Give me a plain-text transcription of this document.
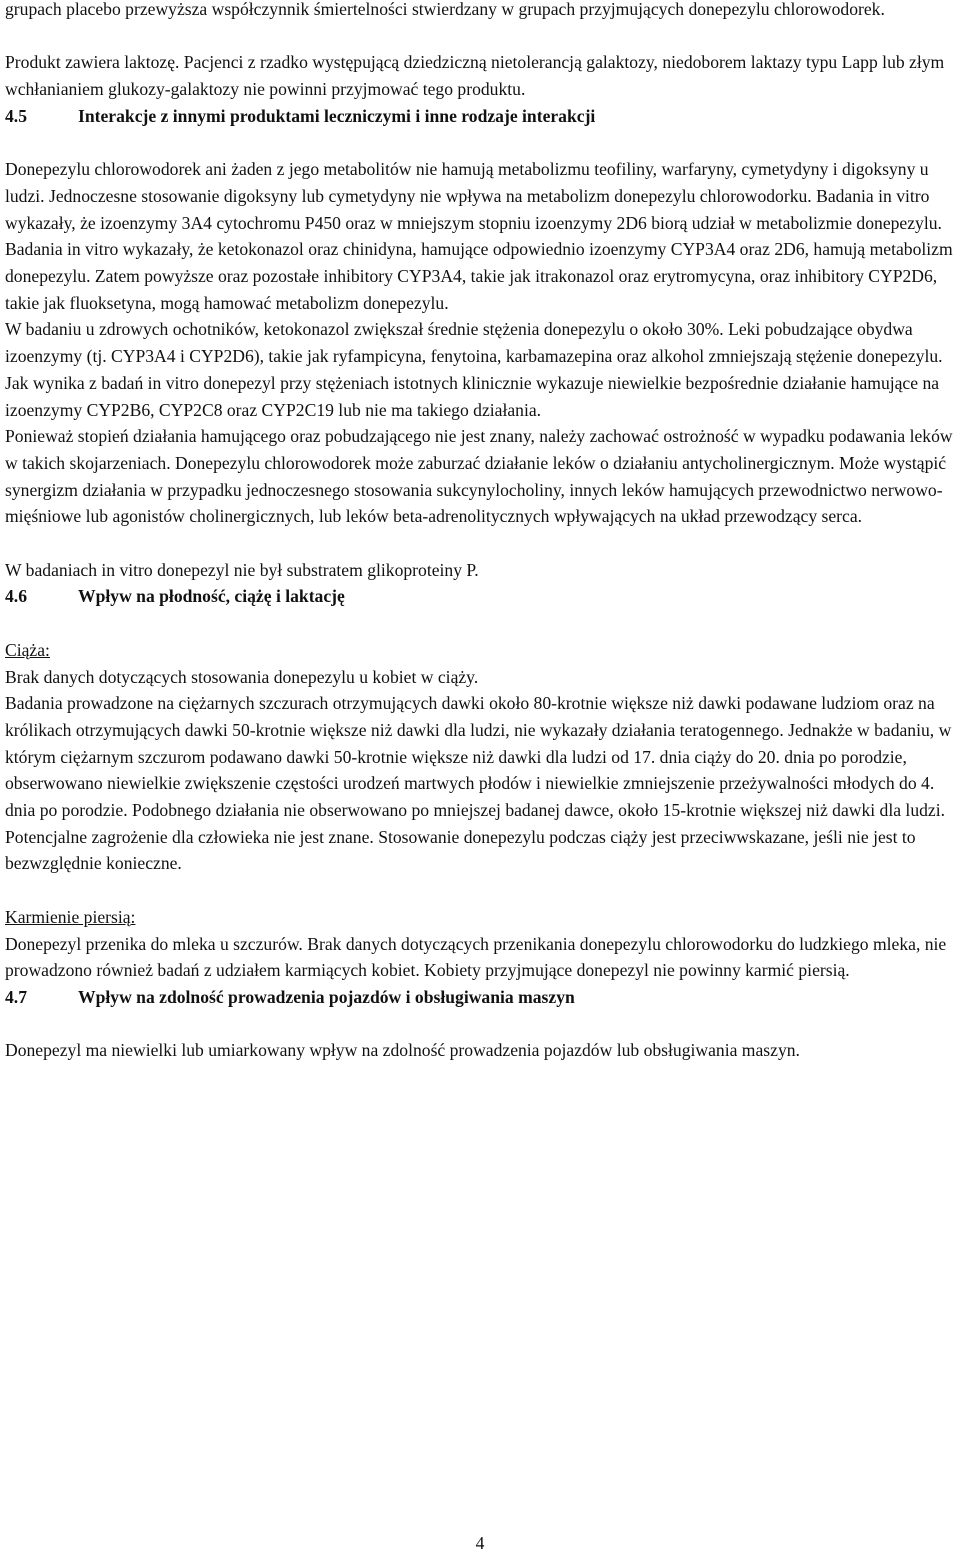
grupach placebo przewyższa współczynnik śmiertelności stwierdzany w grupach przyjmujących donepezylu chlorowodorek.

Produkt zawiera laktozę. Pacjenci z rzadko występującą dziedziczną nietolerancją galaktozy, niedoborem laktazy typu Lapp lub złym wchłanianiem glukozy-galaktozy nie powinni przyjmować tego produktu.

4.5	Interakcje z innymi produktami leczniczymi i inne rodzaje interakcji

Donepezylu chlorowodorek ani żaden z jego metabolitów nie hamują metabolizmu teofiliny, warfaryny, cymetydyny i digoksyny u ludzi. Jednoczesne stosowanie digoksyny lub cymetydyny nie wpływa na metabolizm donepezylu chlorowodorku. Badania in vitro wykazały, że izoenzymy 3A4 cytochromu P450 oraz w mniejszym stopniu izoenzymy 2D6 biorą udział w metabolizmie donepezylu.

Badania in vitro wykazały, że ketokonazol oraz chinidyna, hamujące odpowiednio izoenzymy CYP3A4 oraz 2D6, hamują metabolizm donepezylu. Zatem powyższe oraz pozostałe inhibitory CYP3A4, takie jak itrakonazol oraz erytromycyna, oraz inhibitory CYP2D6, takie jak fluoksetyna, mogą hamować metabolizm donepezylu.

W badaniu u zdrowych ochotników, ketokonazol zwiększał średnie stężenia donepezylu o około 30%. Leki pobudzające obydwa izoenzymy (tj. CYP3A4 i CYP2D6), takie jak ryfampicyna, fenytoina, karbamazepina oraz alkohol zmniejszają stężenie donepezylu. Jak wynika z badań in vitro donepezyl przy stężeniach istotnych klinicznie wykazuje niewielkie bezpośrednie działanie hamujące na izoenzymy CYP2B6, CYP2C8 oraz CYP2C19 lub nie ma takiego działania.

Ponieważ stopień działania hamującego oraz pobudzającego nie jest znany, należy zachować ostrożność w wypadku podawania leków w takich skojarzeniach. Donepezylu chlorowodorek może zaburzać działanie leków o działaniu antycholinergicznym. Może wystąpić synergizm działania w przypadku jednoczesnego stosowania sukcynylocholiny, innych leków hamujących przewodnictwo nerwowo-mięśniowe lub agonistów cholinergicznych, lub leków beta-adrenolitycznych wpływających na układ przewodzący serca.

W badaniach in vitro donepezyl nie był substratem glikoproteiny P.

4.6	Wpływ na płodność, ciążę i laktację

Ciąża:

Brak danych dotyczących stosowania donepezylu u kobiet w ciąży.

Badania prowadzone na ciężarnych szczurach otrzymujących dawki około 80-krotnie większe niż dawki podawane ludziom oraz na królikach otrzymujących dawki 50-krotnie większe niż dawki dla ludzi, nie wykazały działania teratogennego. Jednakże w badaniu, w którym ciężarnym szczurom podawano dawki 50-krotnie większe niż dawki dla ludzi od 17. dnia ciąży do 20. dnia po porodzie, obserwowano niewielkie zwiększenie częstości urodzeń martwych płodów i niewielkie zmniejszenie przeżywalności młodych do 4. dnia po porodzie. Podobnego działania nie obserwowano po mniejszej badanej dawce, około 15-krotnie większej niż dawki dla ludzi. Potencjalne zagrożenie dla człowieka nie jest znane. Stosowanie donepezylu podczas ciąży jest przeciwwskazane, jeśli nie jest to bezwzględnie konieczne.

Karmienie piersią:

Donepezyl przenika do mleka u szczurów. Brak danych dotyczących przenikania donepezylu chlorowodorku do ludzkiego mleka, nie prowadzono również badań z udziałem karmiących kobiet. Kobiety przyjmujące donepezyl nie powinny karmić piersią.

4.7	Wpływ na zdolność prowadzenia pojazdów i obsługiwania maszyn

Donepezyl ma niewielki lub umiarkowany wpływ na zdolność prowadzenia pojazdów lub obsługiwania maszyn.

4
